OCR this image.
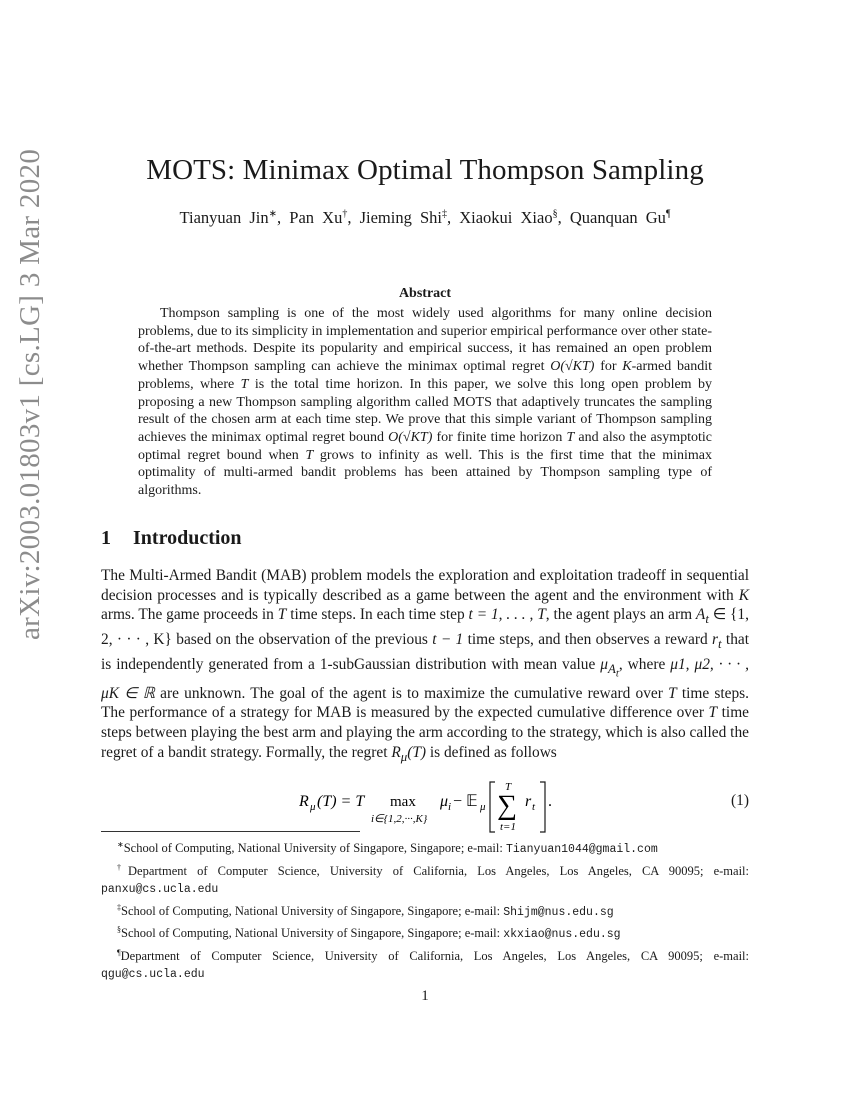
arXiv:2003.01803v1 [cs.LG] 3 Mar 2020	MOTS: Minimax Optimal Thompson Sampling
Tianyuan Jin∗, Pan Xu†, Jieming Shi‡, Xiaokui Xiao§, Quanquan Gu¶
Abstract
Thompson sampling is one of the most widely used algorithms for many online decision problems, due to its simplicity in implementation and superior empirical performance over other state-of-the-art methods. Despite its popularity and empirical success, it has remained an open problem whether Thompson sampling can achieve the minimax optimal regret O(√KT) for K-armed bandit problems, where T is the total time horizon. In this paper, we solve this long open problem by proposing a new Thompson sampling algorithm called MOTS that adaptively truncates the sampling result of the chosen arm at each time step. We prove that this simple variant of Thompson sampling achieves the minimax optimal regret bound O(√KT) for finite time horizon T and also the asymptotic optimal regret bound when T grows to infinity as well. This is the first time that the minimax optimality of multi-armed bandit problems has been attained by Thompson sampling type of algorithms.
1 Introduction
The Multi-Armed Bandit (MAB) problem models the exploration and exploitation tradeoff in sequential decision processes and is typically described as a game between the agent and the environment with K arms. The game proceeds in T time steps. In each time step t = 1, . . . , T, the agent plays an arm $A_t$ ∈ {1, 2, · · · , K} based on the observation of the previous t − 1 time steps, and then observes a reward $r_t$ that is independently generated from a 1-subGaussian distribution with mean value $\mu_{A_t}$, where μ1, μ2, · · · , μK ∈ ℝ are unknown. The goal of the agent is to maximize the cumulative reward over T time steps. The performance of a strategy for MAB is measured by the expected cumulative difference over T time steps between playing the best arm and playing the arm according to the strategy, which is also called the regret of a bandit strategy. Formally, the regret $R_\mu(T)$ is defined as follows
R μ (T) = T max
i∈{1,2,···,K}
μ i − 𝔼 μ
T
∑
t=1
r t .	(1)
∗School of Computing, National University of Singapore, Singapore; e-mail: Tianyuan1044@gmail.com
†Department of Computer Science, University of California, Los Angeles, Los Angeles, CA 90095; e-mail: panxu@cs.ucla.edu
‡School of Computing, National University of Singapore, Singapore; e-mail: Shijm@nus.edu.sg
§School of Computing, National University of Singapore, Singapore; e-mail: xkxiao@nus.edu.sg
¶Department of Computer Science, University of California, Los Angeles, Los Angeles, CA 90095; e-mail: qgu@cs.ucla.edu
1
